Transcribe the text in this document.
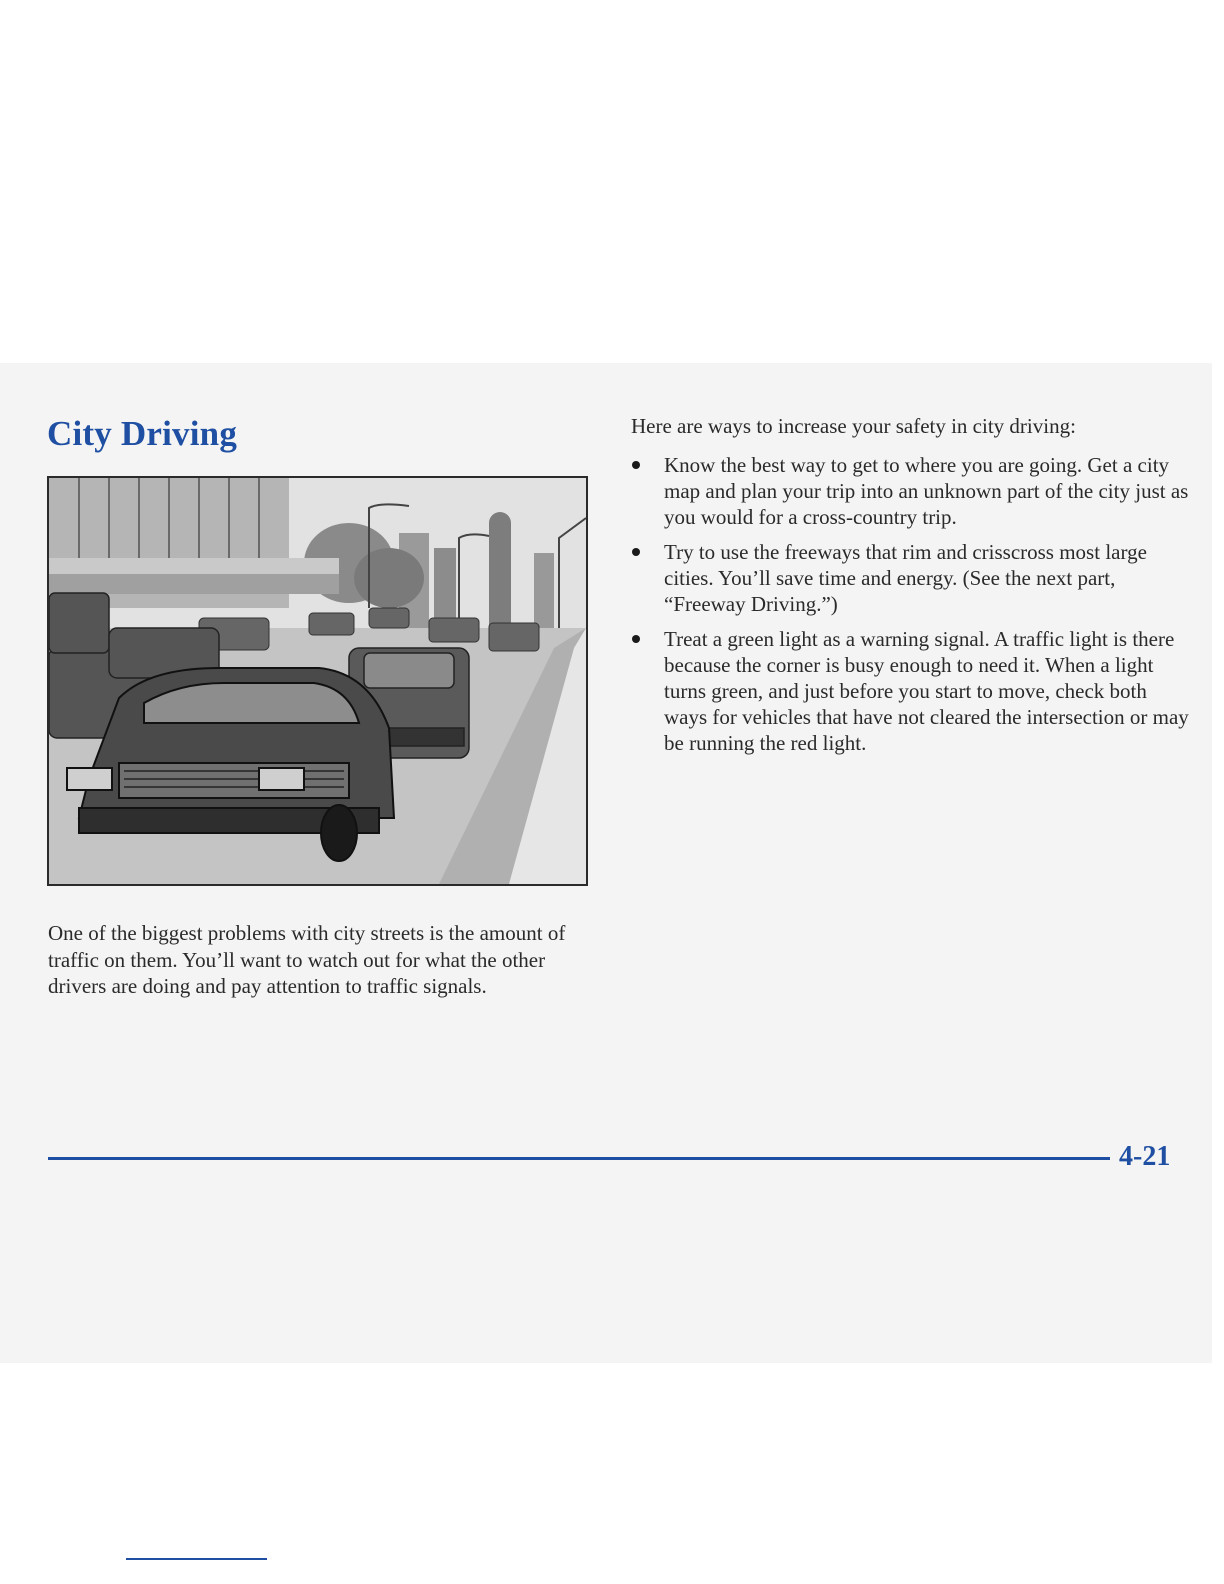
City Driving

One of the biggest problems with city streets is the amount of traffic on them. You’ll want to watch out for what the other drivers are doing and pay attention to traffic signals.

Here are ways to increase your safety in city driving:

Know the best way to get to where you are going. Get a city map and plan your trip into an unknown part of the city just as you would for a cross-country trip.
Try to use the freeways that rim and crisscross most large cities. You’ll save time and energy. (See the next part, “Freeway Driving.”)
Treat a green light as a warning signal. A traffic light is there because the corner is busy enough to need it. When a light turns green, and just before you start to move, check both ways for vehicles that have not cleared the intersection or may be running the red light.

4-21
